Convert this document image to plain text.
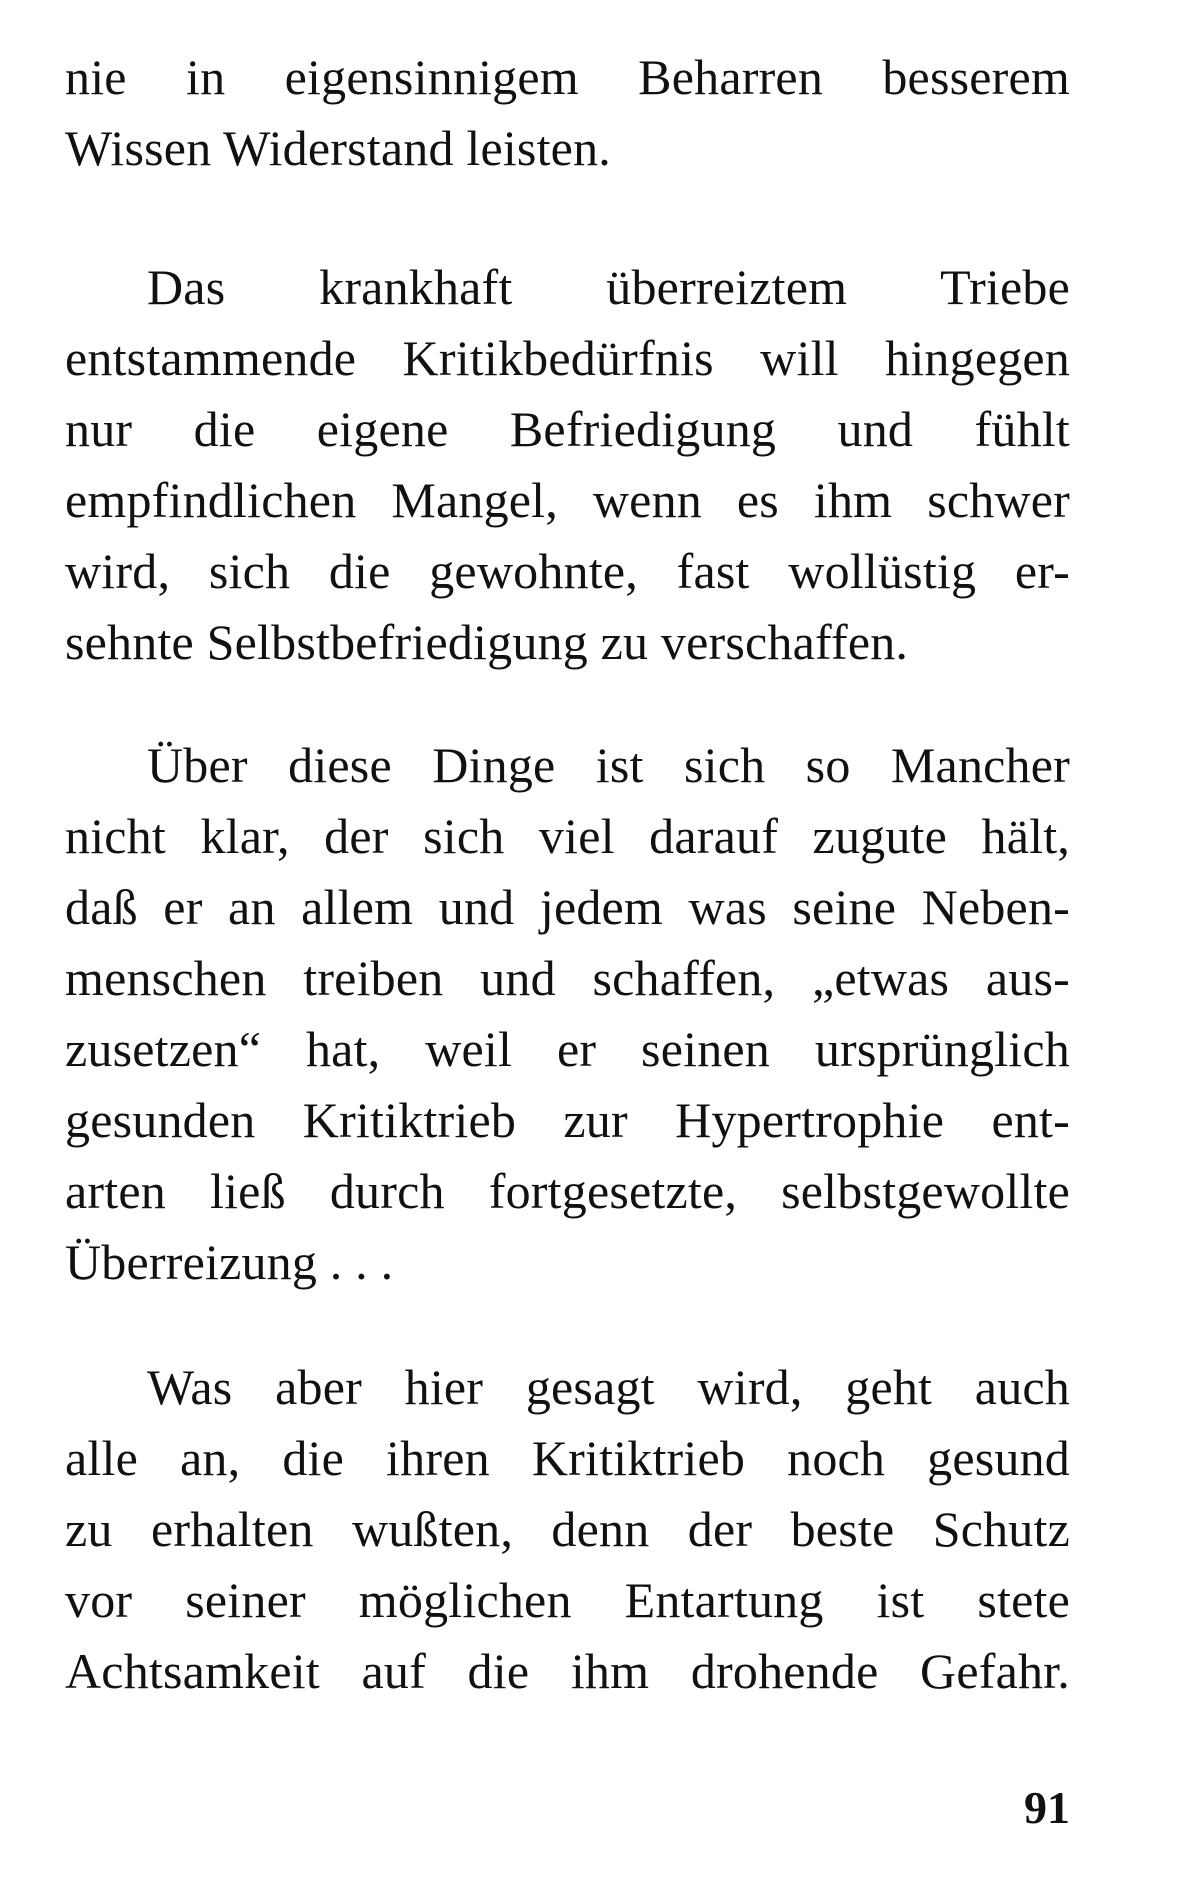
nie in eigensinnigem Beharren besserem
Wissen Widerstand leisten.
Das krankhaft überreiztem Triebe
entstammende Kritikbedürfnis will hingegen
nur die eigene Befriedigung und fühlt
empfindlichen Mangel, wenn es ihm schwer
wird, sich die gewohnte, fast wollüstig er-
sehnte Selbstbefriedigung zu verschaffen.
Über diese Dinge ist sich so Mancher
nicht klar, der sich viel darauf zugute hält,
daß er an allem und jedem was seine Neben-
menschen treiben und schaffen, „etwas aus-
zusetzen“ hat, weil er seinen ursprünglich
gesunden Kritiktrieb zur Hypertrophie ent-
arten ließ durch fortgesetzte, selbstgewollte
Überreizung . . .
Was aber hier gesagt wird, geht auch
alle an, die ihren Kritiktrieb noch gesund
zu erhalten wußten, denn der beste Schutz
vor seiner möglichen Entartung ist stete
Achtsamkeit auf die ihm drohende Gefahr.
91
